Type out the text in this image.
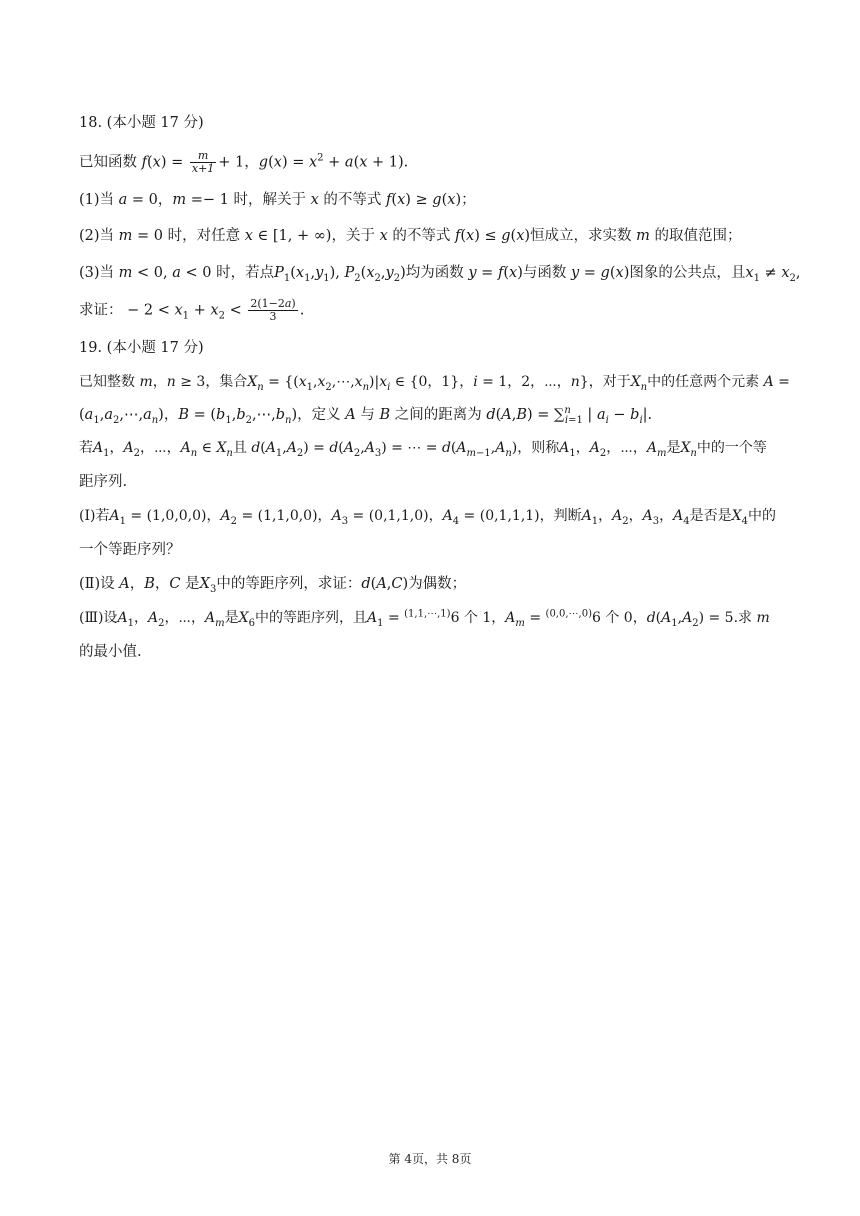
18. (本小题 17 分)
已知函数 $f(x) = \frac{m}{x+1} + 1$，$g(x) = x^2 + a(x + 1)$.
(1)当 a = 0，m =− 1 时，解关于 x 的不等式 f(x) ≥ g(x)；
(2)当 m = 0 时，对任意 x ∈ [1, + ∞)，关于 x 的不等式 f(x) ≤ g(x)恒成立，求实数 m 的取值范围；
(3)当 m < 0, a < 0 时，若点$P_1(x_1,y_1)$, $P_2(x_2,y_2)$均为函数 y = f(x)与函数 y = g(x)图象的公共点，且$x_1 \ne x_2$,
求证： − $2 < x_1 + x_2 < \frac{2(1-2a)}{3}$ .
19. (本小题 17 分)
已知整数 m，n ≥ 3，集合$X_n$ = {$(x_1,x_2,\cdots,x_n)|x_i$ ∈ {0，1}，i = 1，2，⋯，n}，对于$X_n$中的任意两个元素 A =
$(a_1,a_2,\cdots,a_n)$，$B = (b_1,b_2,\cdots,b_n)$，定义 A 与 B 之间的距离为 d(A,B) = ∑$^n_{i=1}$ | $a_i - b_i|$.
若$A_1$，$A_2$，⋯，$A_n$ ∈ $X_n$且 $d(A_1,A_2) = d(A_2,A_3)$ = ⋯ = $d(A_{m-1},A_n)$，则称$A_1$，$A_2$，⋯，$A_m$是$X_n$中的一个等
距序列.
(Ⅰ)若$A_1 = (1,0,0,0)$，$A_2 = (1,1,0,0)$，$A_3 = (0,1,1,0)$，$A_4 = (0,1,1,1)$，判断$A_1$，$A_2$，$A_3$，$A_4$是否是$X_4$中的
一个等距序列？
(Ⅱ)设 A，B，C 是$X_3$中的等距序列，求证：d(A,C)为偶数；
(Ⅲ)设$A_1$，$A_2$，⋯，$A_m$是$X_6$中的等距序列，且$A_1 = ^{(1,1,\cdots,1)}6$ 个 1，$A_m = ^{(0,0,\cdots,0)}6$ 个 0，$d(A_1,A_2) = 5$.求 m
的最小值.
第 4页，共 8页
